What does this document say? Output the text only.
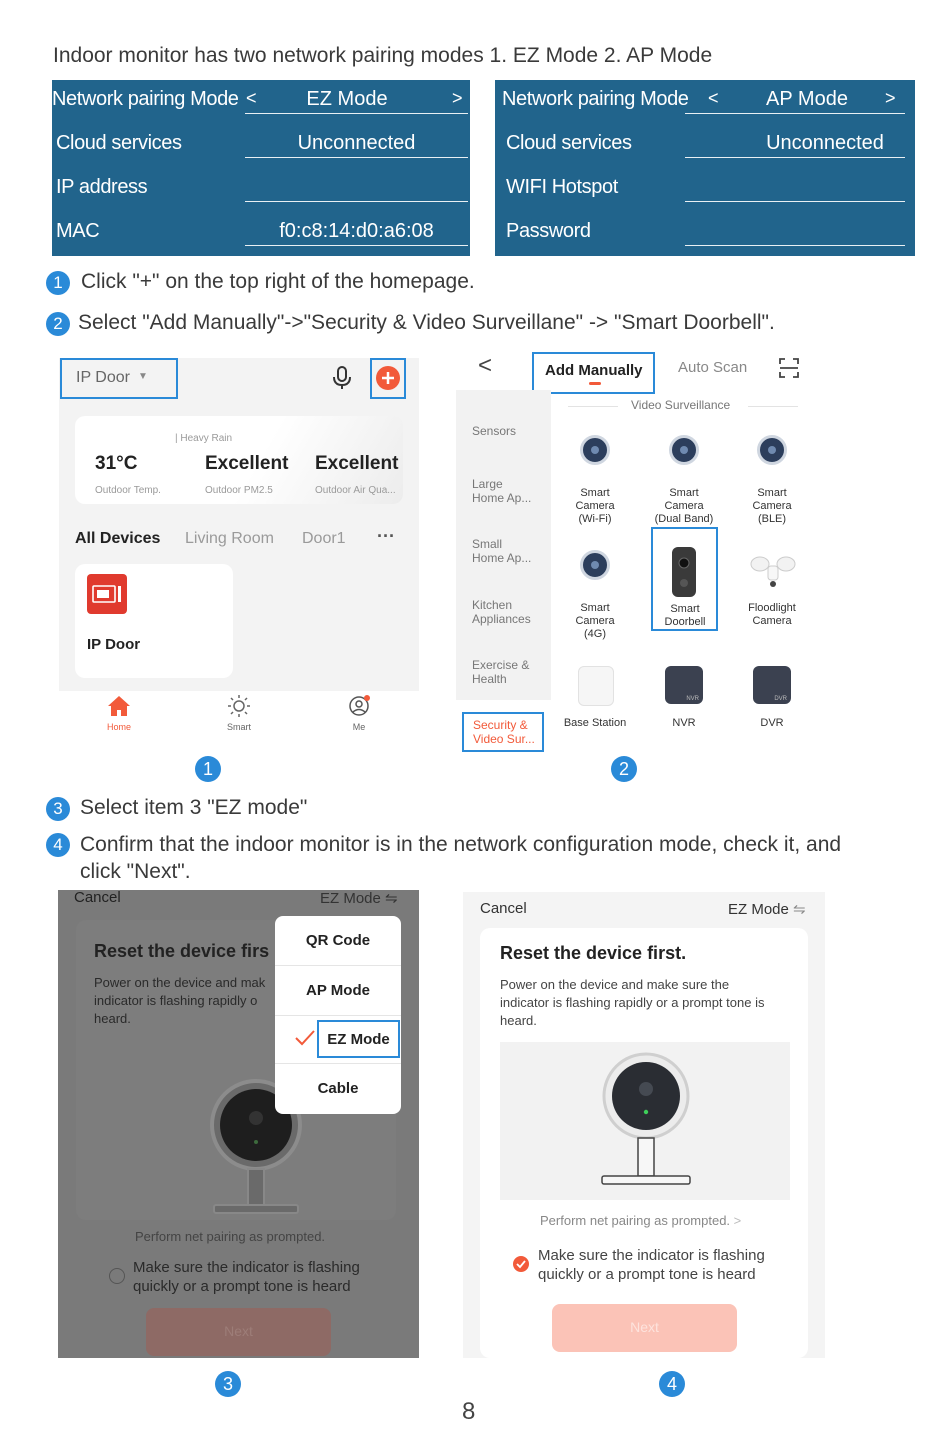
Indoor monitor has two network pairing modes 1. EZ Mode 2. AP Mode
Network pairing Mode <	EZ Mode	>
Cloud services	Unconnected
IP address
MAC	f0:c8:14:d0:a6:08
Network pairing Mode <	AP Mode	>
Cloud services	Unconnected
WIFI Hotspot
Password
1 Click "+" on the top right of the homepage.
2 Select "Add Manually"->"Security & Video Surveillane" -> "Smart Doorbell".
IP Door ▼
| Heavy Rain
31°C
Outdoor Temp.
Excellent
Outdoor PM2.5
Excellent
Outdoor Air Qua...
All Devices Living Room Door1 ···
IP Door
Home	Smart	Me
1
<	Add Manually Auto Scan
Sensors
Large
Home Ap...
Small
Home Ap...
Kitchen
Appliances
Exercise &
Health
Security &
Video Sur...
Video Surveillance
Smart
Camera
(Wi-Fi)
Smart
Camera
(Dual Band)
Smart
Camera
(BLE)
Smart
Camera
(4G)
Smart
Doorbell
Floodlight
Camera
Base Station
NVR
NVR
DVR
DVR
2
3 Select item 3 "EZ mode"
4 Confirm that the indoor monitor is in the network configuration mode, check it, and click "Next".
Cancel	EZ Mode ⇋
Reset the device firs
Power on the device and mak
indicator is flashing rapidly o
heard.
Perform net pairing as prompted.
Make sure the indicator is flashing
quickly or a prompt tone is heard
Next
QR Code
AP Mode
EZ Mode
Cable
3
Cancel	EZ Mode ⇋
Reset the device first.
Power on the device and make sure the
indicator is flashing rapidly or a prompt tone is
heard.
Perform net pairing as prompted. >
Make sure the indicator is flashing
quickly or a prompt tone is heard
Next
4
8
